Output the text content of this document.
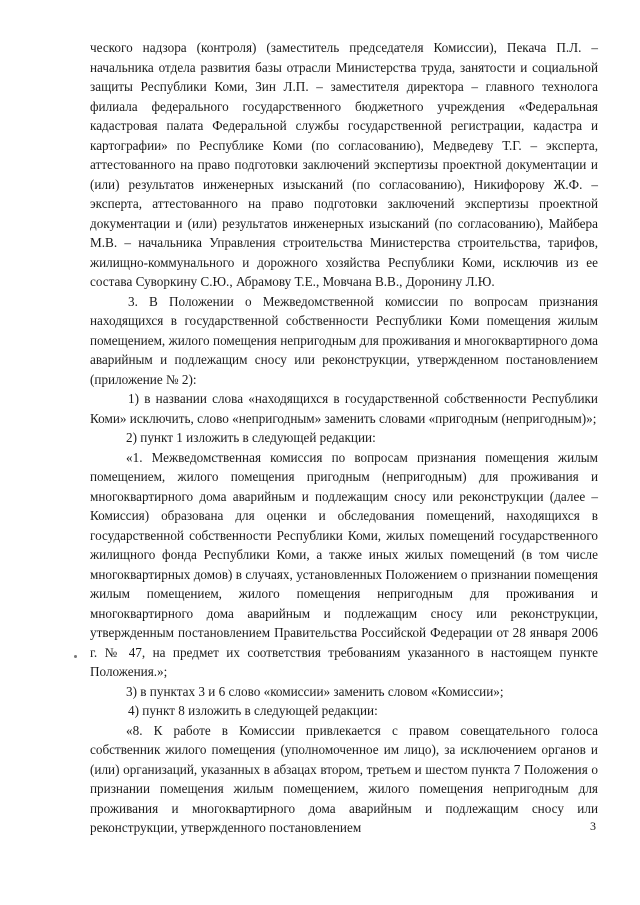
ческого надзора (контроля) (заместитель председателя Комиссии), Пекача П.Л. – начальника отдела развития базы отрасли Министерства труда, занятости и социальной защиты Республики Коми, Зин Л.П. – заместителя директора – главного технолога филиала федерального государственного бюджетного учреждения «Федеральная кадастровая палата Федеральной службы государственной регистрации, кадастра и картографии» по Республике Коми (по согласованию), Медведеву Т.Г. – эксперта, аттестованного на право подготовки заключений экспертизы проектной документации и (или) результатов инженерных изысканий (по согласованию), Никифорову Ж.Ф. – эксперта, аттестованного на право подготовки заключений экспертизы проектной документации и (или) результатов инженерных изысканий (по согласованию), Майбера М.В. – начальника Управления строительства Министерства строительства, тарифов, жилищно-коммунального и дорожного хозяйства Республики Коми, исключив из ее состава Суворкину С.Ю., Абрамову Т.Е., Мовчана В.В., Доронину Л.Ю.

3. В Положении о Межведомственной комиссии по вопросам признания находящихся в государственной собственности Республики Коми помещения жилым помещением, жилого помещения непригодным для проживания и многоквартирного дома аварийным и подлежащим сносу или реконструкции, утвержденном постановлением (приложение № 2):

1) в названии слова «находящихся в государственной собственности Республики Коми» исключить, слово «непригодным» заменить словами «пригодным (непригодным)»;

2) пункт 1 изложить в следующей редакции:

«1. Межведомственная комиссия по вопросам признания помещения жилым помещением, жилого помещения пригодным (непригодным) для проживания и многоквартирного дома аварийным и подлежащим сносу или реконструкции (далее – Комиссия) образована для оценки и обследования помещений, находящихся в государственной собственности Республики Коми, жилых помещений государственного жилищного фонда Республики Коми, а также иных жилых помещений (в том числе многоквартирных домов) в случаях, установленных Положением о признании помещения жилым помещением, жилого помещения непригодным для проживания и многоквартирного дома аварийным и подлежащим сносу или реконструкции, утвержденным постановлением Правительства Российской Федерации от 28 января 2006 г. № 47, на предмет их соответствия требованиям указанного в настоящем пункте Положения.»;

3) в пунктах 3 и 6 слово «комиссии» заменить словом «Комиссии»;

4) пункт 8 изложить в следующей редакции:

«8. К работе в Комиссии привлекается с правом совещательного голоса собственник жилого помещения (уполномоченное им лицо), за исключением органов и (или) организаций, указанных в абзацах втором, третьем и шестом пункта 7 Положения о признании помещения жилым помещением, жилого помещения непригодным для проживания и многоквартирного дома аварийным и подлежащим сносу или реконструкции, утвержденного постановлением	3
